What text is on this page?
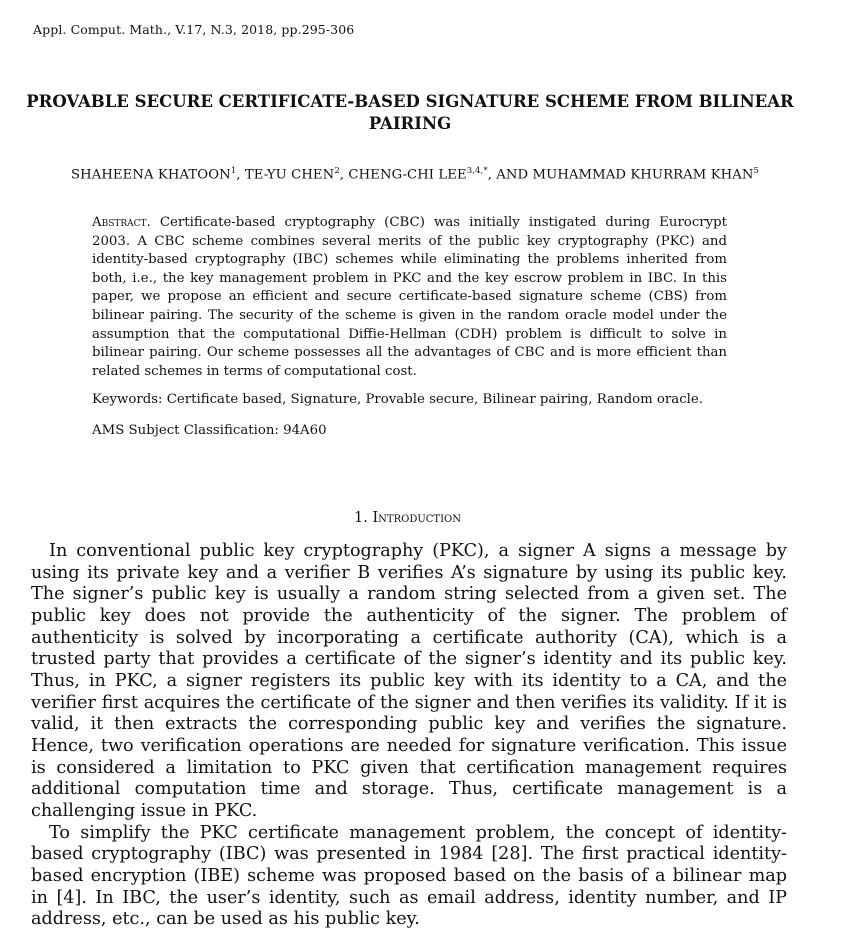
Appl. Comput. Math., V.17, N.3, 2018, pp.295-306
PROVABLE SECURE CERTIFICATE-BASED SIGNATURE SCHEME FROM BILINEAR PAIRING
SHAHEENA KHATOON$^1$, TE-YU CHEN$^2$, CHENG-CHI $LEE^{3,4,*}$, AND MUHAMMAD KHURRAM KHAN$^5$
Abstract. Certificate-based cryptography (CBC) was initially instigated during Eurocrypt 2003. A CBC scheme combines several merits of the public key cryptography (PKC) and identity-based cryptography (IBC) schemes while eliminating the problems inherited from both, i.e., the key management problem in PKC and the key escrow problem in IBC. In this paper, we propose an efficient and secure certificate-based signature scheme (CBS) from bilinear pairing. The security of the scheme is given in the random oracle model under the assumption that the computational Diffie-Hellman (CDH) problem is difficult to solve in bilinear pairing. Our scheme possesses all the advantages of CBC and is more efficient than related schemes in terms of computational cost.
Keywords: Certificate based, Signature, Provable secure, Bilinear pairing, Random oracle.
AMS Subject Classification: 94A60
1. Introduction

In conventional public key cryptography (PKC), a signer A signs a message by using its private key and a verifier B verifies A’s signature by using its public key. The signer’s public key is usually a random string selected from a given set. The public key does not provide the authenticity of the signer. The problem of authenticity is solved by incorporating a certificate authority (CA), which is a trusted party that provides a certificate of the signer’s identity and its public key. Thus, in PKC, a signer registers its public key with its identity to a CA, and the verifier first acquires the certificate of the signer and then verifies its validity. If it is valid, it then extracts the corresponding public key and verifies the signature. Hence, two verification operations are needed for signature verification. This issue is considered a limitation to PKC given that certification management requires additional computation time and storage. Thus, certificate management is a challenging issue in PKC.

To simplify the PKC certificate management problem, the concept of identity-based cryptography (IBC) was presented in 1984 [28]. The first practical identity-based encryption (IBE) scheme was proposed based on the basis of a bilinear map in [4]. In IBC, the user’s identity, such as email address, identity number, and IP address, etc., can be used as his public key.
